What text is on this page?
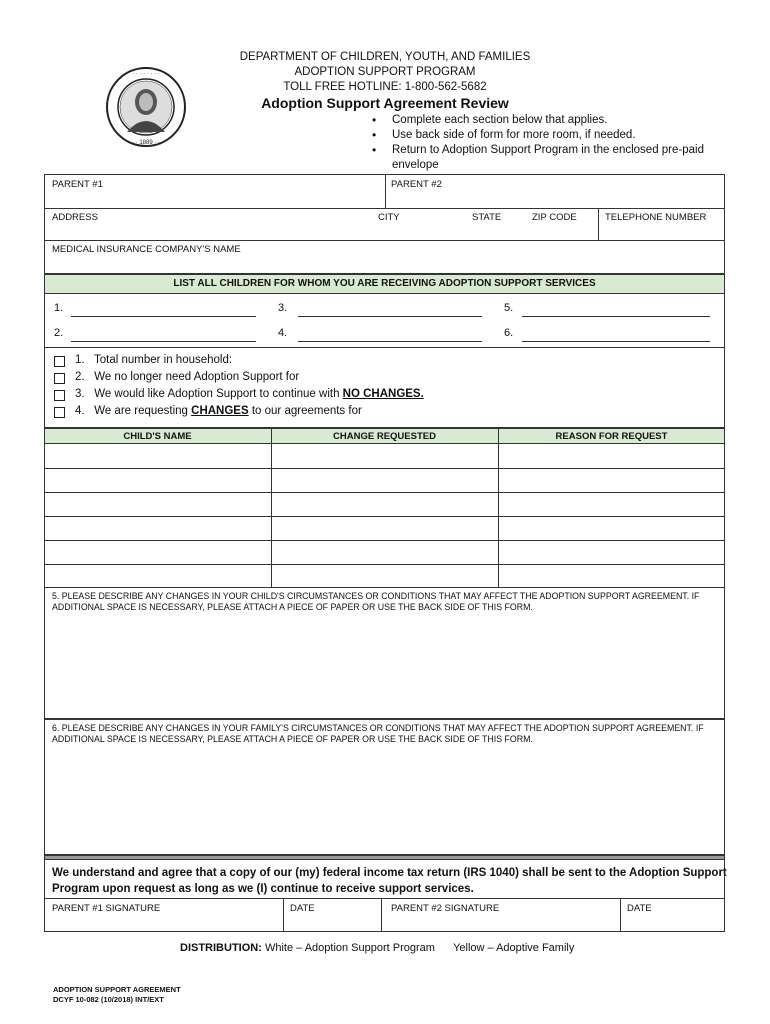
· · · · · · · ·
· · 1889 · ·
DEPARTMENT OF CHILDREN, YOUTH, AND FAMILIES
ADOPTION SUPPORT PROGRAM
TOLL FREE HOTLINE: 1-800-562-5682
Adoption Support Agreement Review
• Complete each section below that applies.
• Use back side of form for more room, if needed.
• Return to Adoption Support Program in the enclosed pre-paid envelope
PARENT #1	PARENT #2
ADDRESS	CITY	STATE	ZIP CODE	TELEPHONE NUMBER
MEDICAL INSURANCE COMPANY'S NAME
LIST ALL CHILDREN FOR WHOM YOU ARE RECEIVING ADOPTION SUPPORT SERVICES
1.
2.
3.
4.
5.
6.
1. Total number in household:
2. We no longer need Adoption Support for
3. We would like Adoption Support to continue with NO CHANGES.
4. We are requesting CHANGES to our agreements for
CHILD'S NAME	CHANGE REQUESTED	REASON FOR REQUEST
5. PLEASE DESCRIBE ANY CHANGES IN YOUR CHILD'S CIRCUMSTANCES OR CONDITIONS THAT MAY AFFECT THE ADOPTION SUPPORT AGREEMENT. IF ADDITIONAL SPACE IS NECESSARY, PLEASE ATTACH A PIECE OF PAPER OR USE THE BACK SIDE OF THIS FORM.
6. PLEASE DESCRIBE ANY CHANGES IN YOUR FAMILY'S CIRCUMSTANCES OR CONDITIONS THAT MAY AFFECT THE ADOPTION SUPPORT AGREEMENT. IF ADDITIONAL SPACE IS NECESSARY, PLEASE ATTACH A PIECE OF PAPER OR USE THE BACK SIDE OF THIS FORM.
We understand and agree that a copy of our (my) federal income tax return (IRS 1040) shall be sent to the Adoption Support Program upon request as long as we (I) continue to receive support services.
PARENT #1 SIGNATURE	DATE	PARENT #2 SIGNATURE	DATE
DISTRIBUTION: White – Adoption Support Program Yellow – Adoptive Family
ADOPTION SUPPORT AGREEMENT
DCYF 10-082 (10/2018) INT/EXT
